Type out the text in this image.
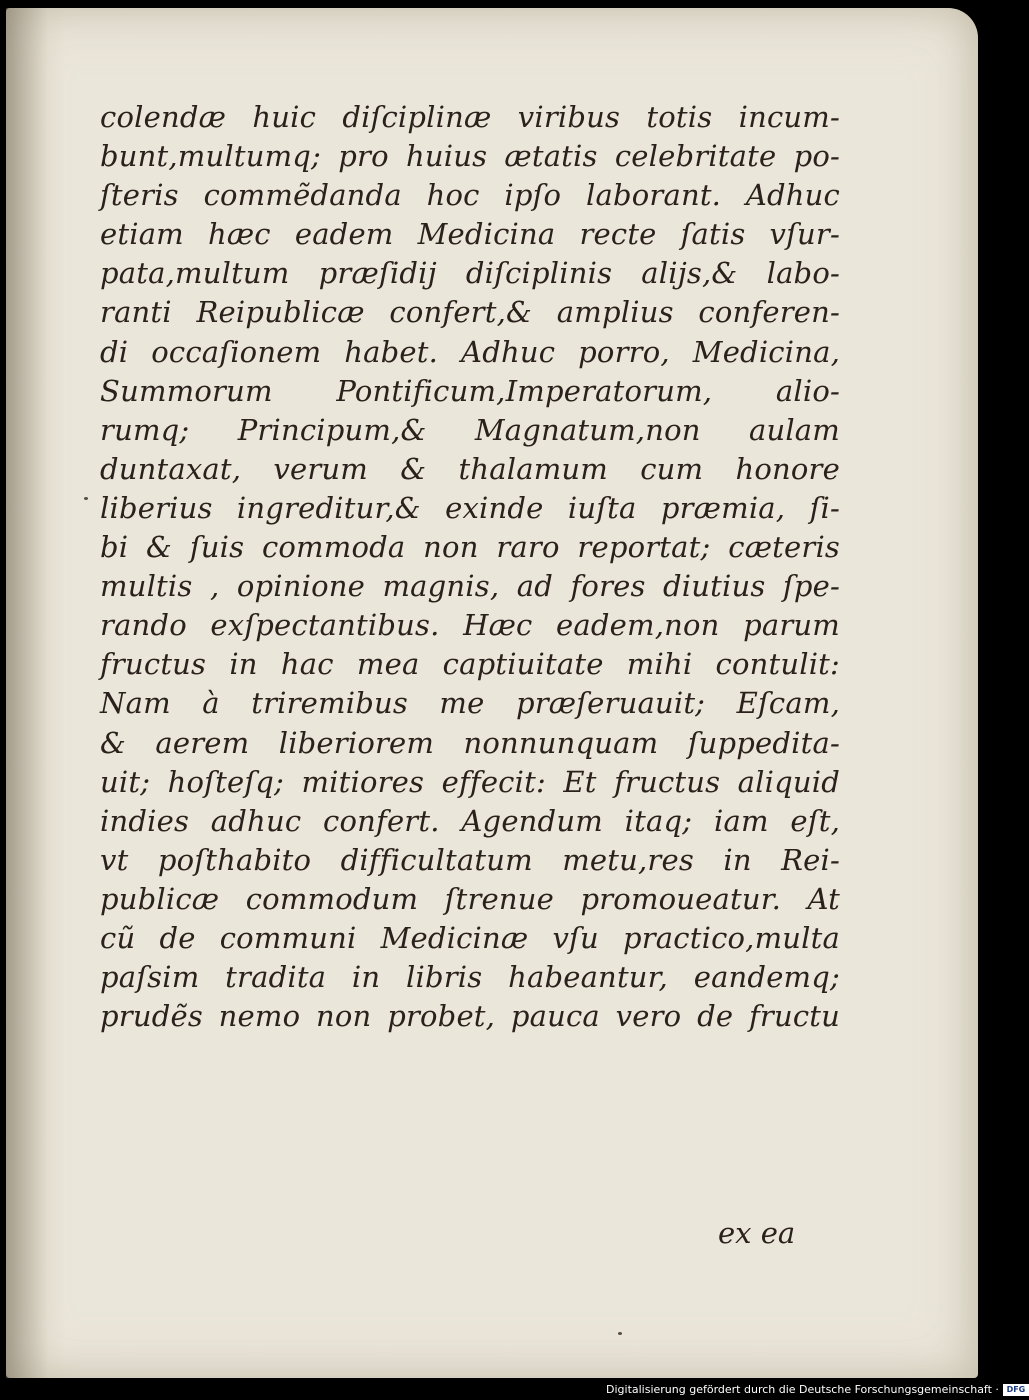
colendæ huic diſciplinæ viribus totis incum-
bunt,multumq; pro huius ætatis celebritate po-
ſteris commẽdanda hoc ipſo laborant. Adhuc
etiam hæc eadem Medicina recte ſatis vſur-
pata,multum præſidij diſciplinis alijs,& labo-
ranti Reipublicæ confert,& amplius conferen-
di occaſionem habet. Adhuc porro, Medicina,
Summorum Pontificum,Imperatorum, alio-
rumq; Principum,& Magnatum,non aulam
duntaxat, verum & thalamum cum honore
liberius ingreditur,& exinde iuſta præmia, ſi-
bi & ſuis commoda non raro reportat; cæteris
multis , opinione magnis, ad fores diutius ſpe-
rando exſpectantibus. Hæc eadem,non parum
fructus in hac mea captiuitate mihi contulit:
Nam à triremibus me præſeruauit; Eſcam,
& aerem liberiorem nonnunquam ſuppedita-
uit; hoſteſq; mitiores effecit: Et fructus aliquid
indies adhuc confert. Agendum itaq; iam eſt,
vt poſthabito difficultatum metu,res in Rei-
publicæ commodum ſtrenue promoueatur. At
cũ de communi Medicinæ vſu practico,multa
paſsim tradita in libris habeantur, eandemq;
prudẽs nemo non probet, pauca vero de fructu
ex ea
Digitalisierung gefördert durch die Deutsche Forschungsgemeinschaft · DFG
